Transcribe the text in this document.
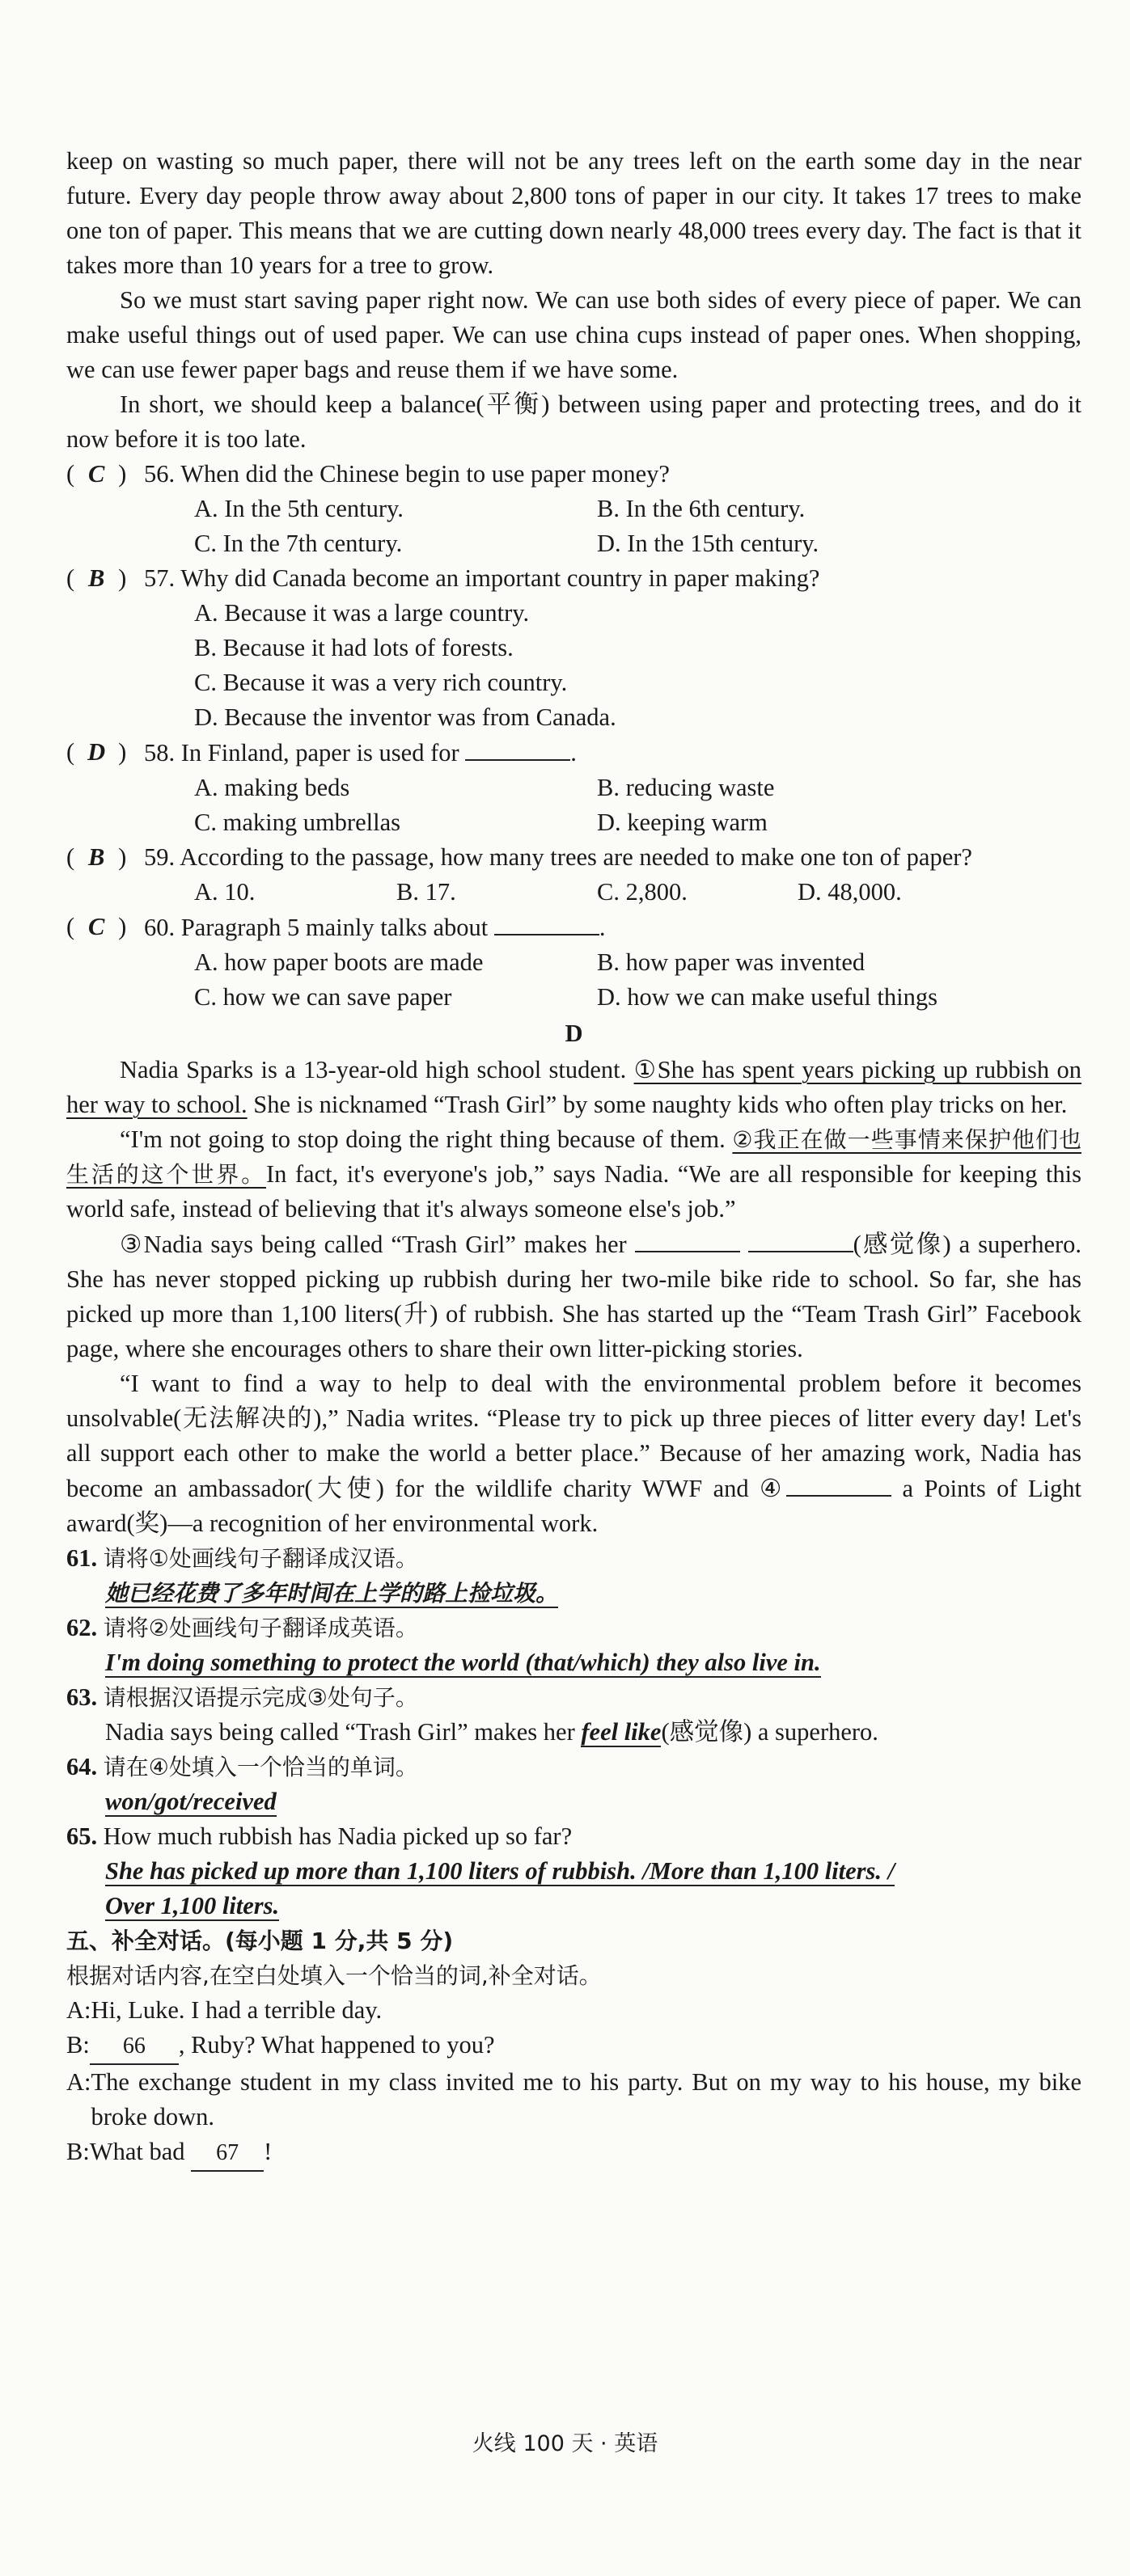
keep on wasting so much paper, there will not be any trees left on the earth some day in the near future. Every day people throw away about 2,800 tons of paper in our city. It takes 17 trees to make one ton of paper. This means that we are cutting down nearly 48,000 trees every day. The fact is that it takes more than 10 years for a tree to grow.

So we must start saving paper right now. We can use both sides of every piece of paper. We can make useful things out of used paper. We can use china cups instead of paper ones. When shopping, we can use fewer paper bags and reuse them if we have some.

In short, we should keep a balance(平衡) between using paper and protecting trees, and do it now before it is too late.

( C ) 56. When did the Chinese begin to use paper money?
A. In the 5th century.	B. In the 6th century.
C. In the 7th century.	D. In the 15th century.
( B ) 57. Why did Canada become an important country in paper making?
A. Because it was a large country.
B. Because it had lots of forests.
C. Because it was a very rich country.
D. Because the inventor was from Canada.
( D ) 58. In Finland, paper is used for	.
A. making beds	B. reducing waste
C. making umbrellas	D. keeping warm
( B ) 59. According to the passage, how many trees are needed to make one ton of paper?
A. 10.	B. 17.	C. 2,800.	D. 48,000.
( C ) 60. Paragraph 5 mainly talks about	.
A. how paper boots are made	B. how paper was invented
C. how we can save paper	D. how we can make useful things
D

Nadia Sparks is a 13-year-old high school student. ①She has spent years picking up rubbish on her way to school. She is nicknamed “Trash Girl” by some naughty kids who often play tricks on her.

“I'm not going to stop doing the right thing because of them. ②我正在做一些事情来保护他们也生活的这个世界。In fact, it's everyone's job,” says Nadia. “We are all responsible for keeping this world safe, instead of believing that it's always someone else's job.”

③Nadia says being called “Trash Girl” makes her	(感觉像) a superhero. She has never stopped picking up rubbish during her two-mile bike ride to school. So far, she has picked up more than 1,100 liters(升) of rubbish. She has started up the “Team Trash Girl” Facebook page, where she encourages others to share their own litter-picking stories.

“I want to find a way to help to deal with the environmental problem before it becomes unsolvable(无法解决的),” Nadia writes. “Please try to pick up three pieces of litter every day! Let's all support each other to make the world a better place.” Because of her amazing work, Nadia has become an ambassador(大使) for the wildlife charity WWF and ④	a Points of Light award(奖)—a recognition of her environmental work.

61. 请将①处画线句子翻译成汉语。
她已经花费了多年时间在上学的路上捡垃圾。
62. 请将②处画线句子翻译成英语。
I'm doing something to protect the world (that/which) they also live in.
63. 请根据汉语提示完成③处句子。
Nadia says being called “Trash Girl” makes her feel like(感觉像) a superhero.
64. 请在④处填入一个恰当的单词。
won/got/received
65. How much rubbish has Nadia picked up so far?
She has picked up more than 1,100 liters of rubbish. /More than 1,100 liters. /
Over 1,100 liters.
五、补全对话。(每小题 1 分,共 5 分)
根据对话内容,在空白处填入一个恰当的词,补全对话。
A:Hi, Luke. I had a terrible day.
B: 66 , Ruby? What happened to you?
A: The exchange student in my class invited me to his party. But on my way to his house, my bike broke down.
B:What bad 67 !
火线 100 天 · 英语
